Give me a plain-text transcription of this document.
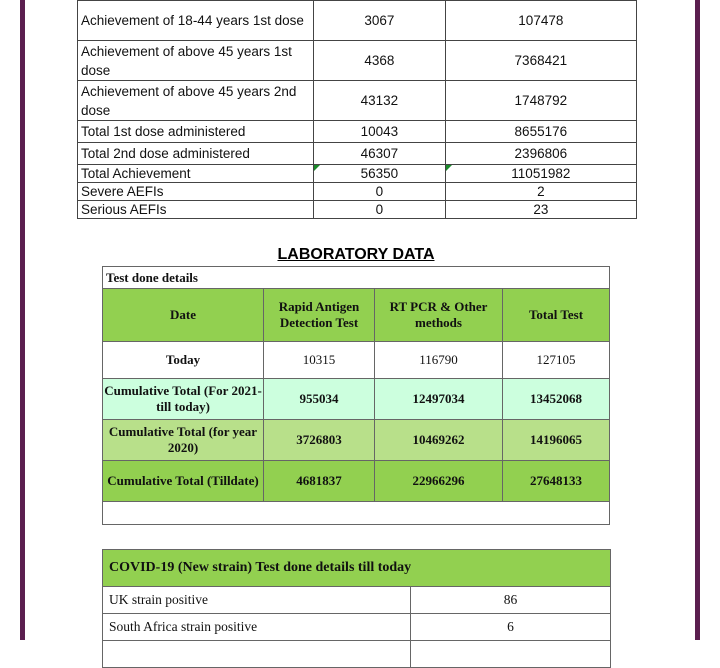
Achievement of 18-44 years 1st dose	3067	107478
Achievement of above 45 years 1st dose	4368	7368421
Achievement of above 45 years 2nd dose	43132	1748792
Total 1st dose administered	10043	8655176
Total 2nd dose administered	46307	2396806
Total Achievement	56350	11051982
Severe AEFIs	0	2
Serious AEFIs	0	23
LABORATORY DATA
Test done details			
Date	Rapid Antigen Detection Test	RT PCR & Other methods	Total Test
Today	10315	116790	127105
Cumulative Total (For 2021- till today)	955034	12497034	13452068
Cumulative Total (for year 2020)	3726803	10469262	14196065
Cumulative Total (Tilldate)	4681837	22966296	27648133

COVID-19 (New strain) Test done details till today	
UK strain positive	86
South Africa strain positive	6
